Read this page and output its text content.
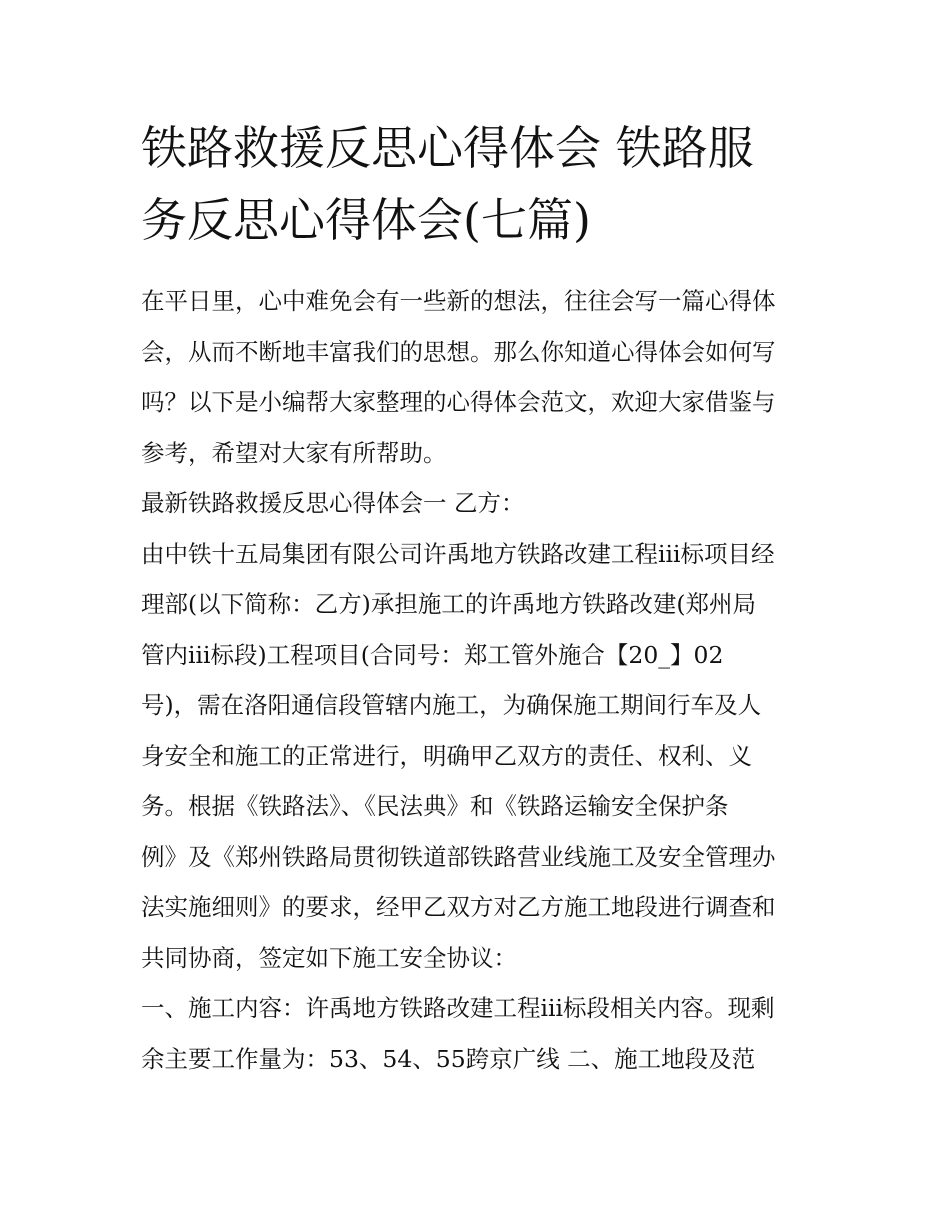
铁路救援反思心得体会 铁路服
务反思心得体会(七篇)
在平日里，心中难免会有一些新的想法，往往会写一篇心得体
会，从而不断地丰富我们的思想。那么你知道心得体会如何写
吗？以下是小编帮大家整理的心得体会范文，欢迎大家借鉴与
参考，希望对大家有所帮助。
最新铁路救援反思心得体会一 乙方：
由中铁十五局集团有限公司许禹地方铁路改建工程iii标项目经
理部(以下简称：乙方)承担施工的许禹地方铁路改建(郑州局
管内iii标段)工程项目(合同号：郑工管外施合【20_】02
号)，需在洛阳通信段管辖内施工，为确保施工期间行车及人
身安全和施工的正常进行，明确甲乙双方的责任、权利、义
务。根据《铁路法》、《民法典》和《铁路运输安全保护条
例》及《郑州铁路局贯彻铁道部铁路营业线施工及安全管理办
法实施细则》的要求，经甲乙双方对乙方施工地段进行调查和
共同协商，签定如下施工安全协议：
一、施工内容：许禹地方铁路改建工程iii标段相关内容。现剩
余主要工作量为：53、54、55跨京广线 二、施工地段及范
